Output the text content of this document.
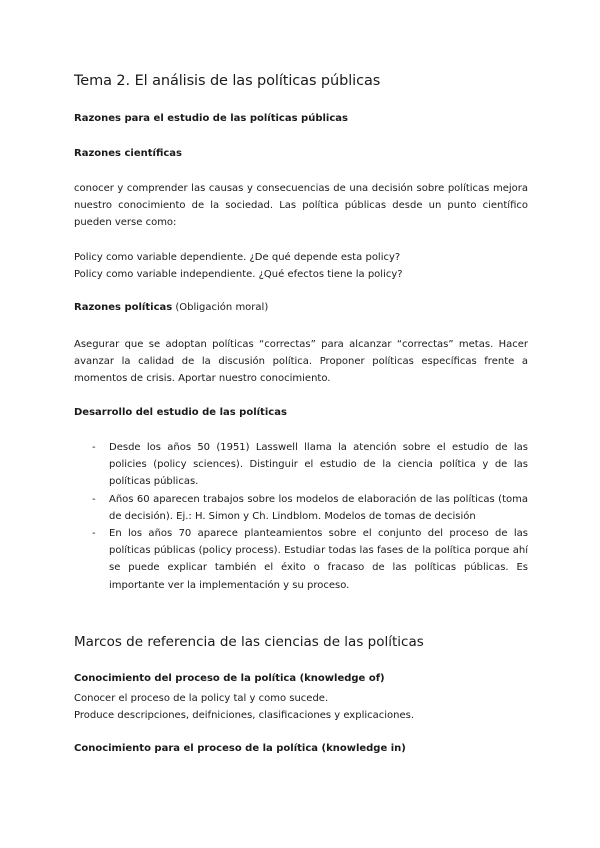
Tema 2. El análisis de las políticas públicas
Razones para el estudio de las políticas públicas
Razones científicas

conocer y comprender las causas y consecuencias de una decisión sobre políticas mejora nuestro conocimiento de la sociedad. Las política públicas desde un punto científico pueden verse como:

Policy como variable dependiente. ¿De qué depende esta policy?
Policy como variable independiente. ¿Qué efectos tiene la policy?
Razones políticas (Obligación moral)

Asegurar que se adoptan políticas “correctas” para alcanzar “correctas” metas. Hacer avanzar la calidad de la discusión política. Proponer políticas específicas frente a momentos de crisis. Aportar nuestro conocimiento.

Desarrollo del estudio de las políticas
- Desde los años 50 (1951) Lasswell llama la atención sobre el estudio de las policies (policy sciences). Distinguir el estudio de la ciencia política y de las políticas públicas.
- Años 60 aparecen trabajos sobre los modelos de elaboración de las políticas (toma de decisión). Ej.: H. Simon y Ch. Lindblom. Modelos de tomas de decisión
- En los años 70 aparece planteamientos sobre el conjunto del proceso de las políticas públicas (policy process). Estudiar todas las fases de la política porque ahí se puede explicar también el éxito o fracaso de las políticas públicas. Es importante ver la implementación y su proceso.
Marcos de referencia de las ciencias de las políticas
Conocimiento del proceso de la política (knowledge of)
Conocer el proceso de la policy tal y como sucede.
Produce descripciones, deifniciones, clasificaciones y explicaciones.
Conocimiento para el proceso de la política (knowledge in)
